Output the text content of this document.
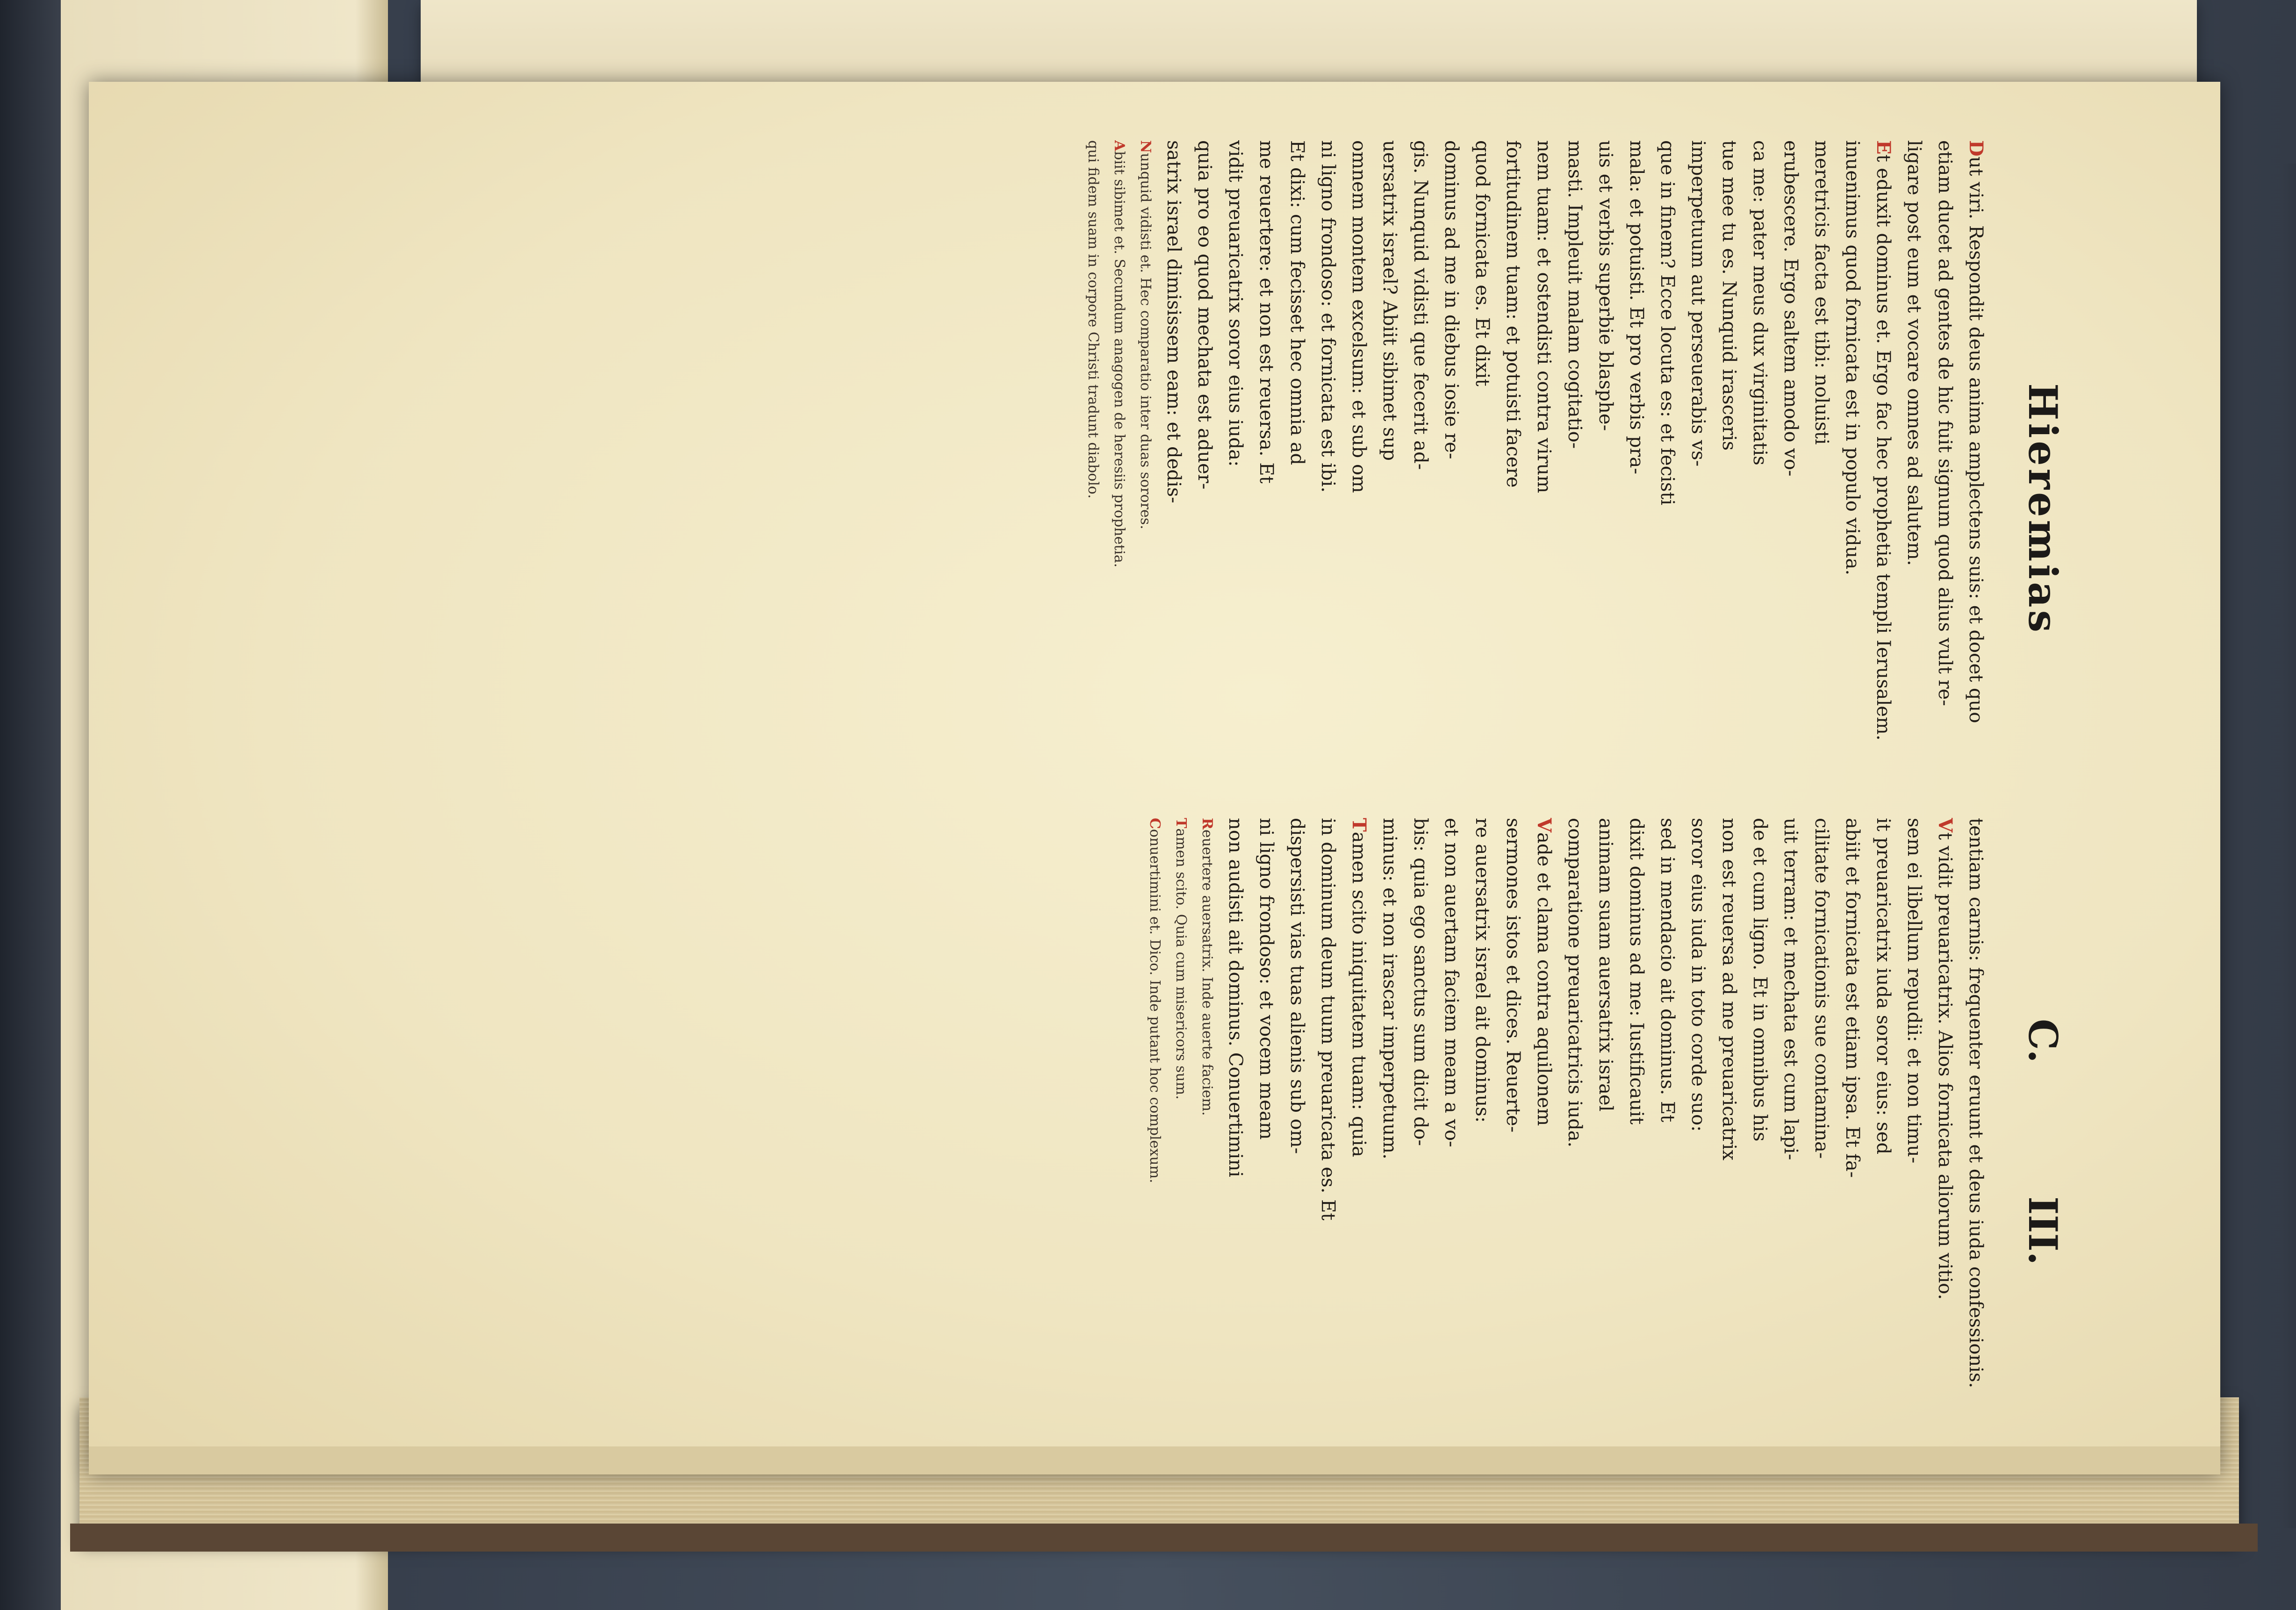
Hieremias
C.
III.
Dut viri. Respondit deus anima amplectens suis: et docet quo
etiam ducet ad gentes de hic fuit signum quod alius vult re-
ligare post eum et vocare omnes ad salutem.
Et eduxit dominus et. Ergo fac hec prophetia templi Ierusalem.
inuenimus quod fornicata est in populo vidua.
meretricis facta est tibi: noluisti
erubescere. Ergo saltem amodo vo-
ca me: pater meus dux virginitatis
tue mee tu es. Nunquid irasceris
imperpetuum aut perseuerabis vs-
que in finem? Ecce locuta es: et fecisti
mala: et potuisti. Et pro verbis pra-
uis et verbis superbie blasphe-
masti. Impleuit malam cogitatio-
nem tuam: et ostendisti contra virum
fortitudinem tuam: et potuisti facere
quod fornicata es. Et dixit
dominus ad me in diebus iosie re-
gis. Nunquid vidisti que fecerit ad-
uersatrix israel? Abiit sibimet sup
omnem montem excelsum: et sub om
ni ligno frondoso: et fornicata est ibi.
Et dixi: cum fecisset hec omnia ad
me reuertere: et non est reuersa. Et
vidit preuaricatrix soror eius iuda:
quia pro eo quod mechata est aduer-
satrix israel dimisissem eam: et dedis-
Nunquid vidisti et. Hec comparatio inter duas sorores.
Abiit sibimet et. Secundum anagogen de heresiis prophetia.
qui fidem suam in corpore Christi tradunt diabolo.
tentiam carnis: frequenter eruunt et deus iuda confessionis.
Vt vidit preuaricatrix. Alios fornicata aliorum vitio.
sem ei libellum repudii: et non timu-
it preuaricatrix iuda soror eius: sed
abiit et fornicata est etiam ipsa. Et fa-
cilitate fornicationis sue contamina-
uit terram: et mechata est cum lapi-
de et cum ligno. Et in omnibus his
non est reuersa ad me preuaricatrix
soror eius iuda in toto corde suo:
sed in mendacio ait dominus. Et
dixit dominus ad me: Iustificauit
animam suam auersatrix israel
comparatione preuaricatricis iuda.
Vade et clama contra aquilonem
sermones istos et dices. Reuerte-
re auersatrix israel ait dominus:
et non auertam faciem meam a vo-
bis: quia ego sanctus sum dicit do-
minus: et non irascar imperpetuum.
Tamen scito iniquitatem tuam: quia
in dominum deum tuum preuaricata es. Et
dispersisti vias tuas alienis sub om-
ni ligno frondoso: et vocem meam
non audisti ait dominus. Conuertimini
Reuertere auersatrix. Inde auerte faciem.
Tamen scito. Quia cum misericors sum.
Conuertimini et. Dico. Inde putant hoc complexum.
